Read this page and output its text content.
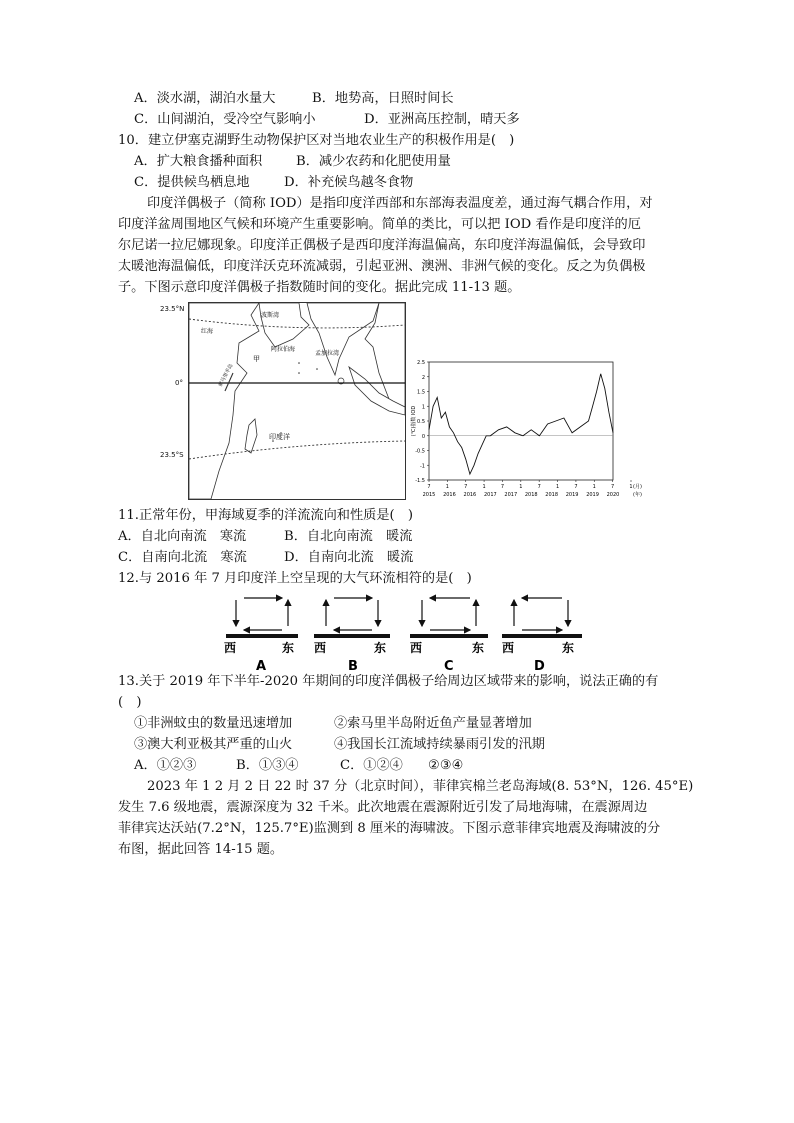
A．淡水湖，湖泊水量大	B．地势高，日照时间长
C．山间湖泊，受冷空气影响小	D．亚洲高压控制，晴天多
10．建立伊塞克湖野生动物保护区对当地农业生产的积极作用是(　)
A．扩大粮食播种面积	B．减少农药和化肥使用量
C．提供候鸟栖息地	D．补充候鸟越冬食物
印度洋偶极子（简称 IOD）是指印度洋西部和东部海表温度差，通过海气耦合作用，对
印度洋盆周围地区气候和环境产生重要影响。简单的类比，可以把 IOD 看作是印度洋的厄
尔尼诺一拉尼娜现象。印度洋正偶极子是西印度洋海温偏高，东印度洋海温偏低，会导致印
太暖池海温偏低，印度洋沃克环流减弱，引起亚洲、澳洲、非洲气候的变化。反之为负偶极
子。下图示意印度洋偶极子指数随时间的变化。据此完成 11-13 题。
23.5°N
0°
23.5°S
波斯湾
红海
阿拉伯海
孟加拉湾
甲
印度洋
索马里半岛
2.5
2
1.5
1
0.5
0
-0.5
-1
-1.5
(℃)指数 IOD
7	1	7	1	7	1	7	1	7	1	7	1 (月)
2015 2016 2016 2017 2017 2018 2018 2019 2019 2020	(年)
11.正常年份，甲海域夏季的洋流流向和性质是(　)
A．自北向南流　寒流	B．自北向南流　暖流
C．自南向北流　寒流	D．自南向北流　暖流
12.与 2016 年 7 月印度洋上空呈现的大气环流相符的是(　)
西	东 西	东 西	东 西	东
A	B	C	D
13.关于 2019 年下半年-2020 年期间的印度洋偶极子给周边区域带来的影响，说法正确的有
(　)
①非洲蚊虫的数量迅速增加	②索马里半岛附近鱼产量显著增加
③澳大利亚极其严重的山火	④我国长江流域持续暴雨引发的汛期
A．①②③	B．①③④	C．①②④ ②③④
2023 年 1 2 月 2 日 22 时 37 分（北京时间），菲律宾棉兰老岛海域(8. 53°N，126. 45°E)
发生 7.6 级地震，震源深度为 32 千米。此次地震在震源附近引发了局地海啸，在震源周边
菲律宾达沃站(7.2°N，125.7°E)监测到 8 厘米的海啸波。下图示意菲律宾地震及海啸波的分
布图，据此回答 14-15 题。
